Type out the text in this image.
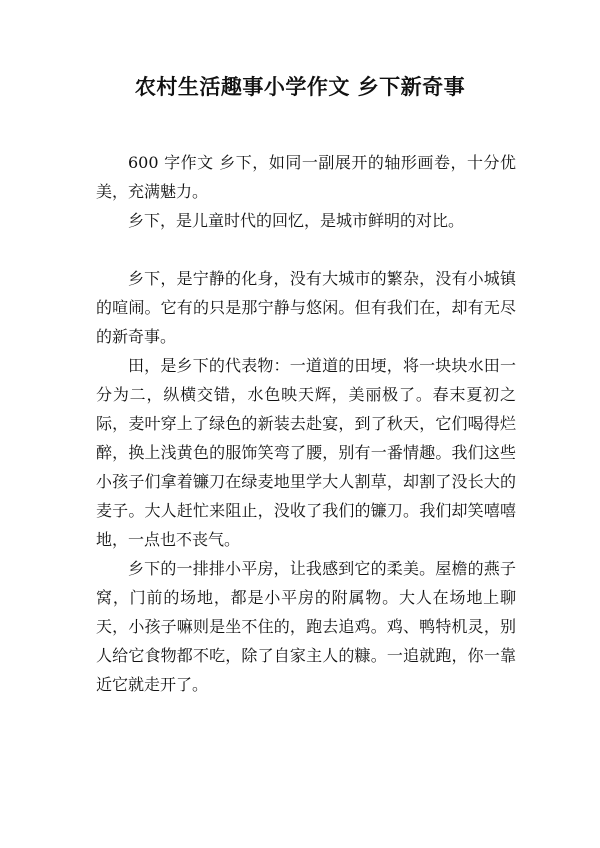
农村生活趣事小学作文 乡下新奇事

600 字作文 乡下，如同一副展开的轴形画卷，十分优美，充满魅力。

乡下，是儿童时代的回忆，是城市鲜明的对比。

乡下，是宁静的化身，没有大城市的繁杂，没有小城镇的喧闹。它有的只是那宁静与悠闲。但有我们在，却有无尽的新奇事。

田，是乡下的代表物：一道道的田埂，将一块块水田一分为二，纵横交错，水色映天辉，美丽极了。春末夏初之际，麦叶穿上了绿色的新装去赴宴，到了秋天，它们喝得烂醉，换上浅黄色的服饰笑弯了腰，别有一番情趣。我们这些小孩子们拿着镰刀在绿麦地里学大人割草，却割了没长大的麦子。大人赶忙来阻止，没收了我们的镰刀。我们却笑嘻嘻地，一点也不丧气。

乡下的一排排小平房，让我感到它的柔美。屋檐的燕子窝，门前的场地，都是小平房的附属物。大人在场地上聊天，小孩子嘛则是坐不住的，跑去追鸡。鸡、鸭特机灵，别人给它食物都不吃，除了自家主人的糠。一追就跑，你一靠近它就走开了。
